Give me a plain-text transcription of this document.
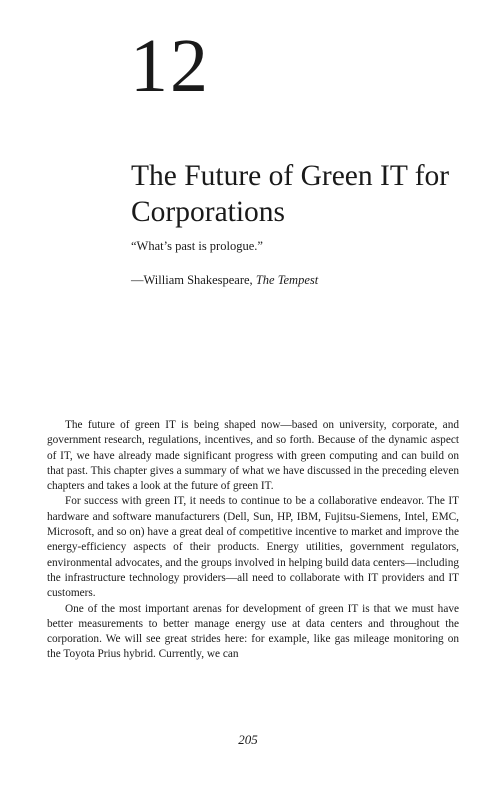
12
The Future of Green IT for Corporations

“What’s past is prologue.”

—William Shakespeare, The Tempest

The future of green IT is being shaped now—based on university, corporate, and government research, regulations, incentives, and so forth. Because of the dynamic aspect of IT, we have already made significant progress with green computing and can build on that past. This chapter gives a summary of what we have discussed in the preceding eleven chapters and takes a look at the future of green IT.

For success with green IT, it needs to continue to be a collaborative endeavor. The IT hardware and software manufacturers (Dell, Sun, HP, IBM, Fujitsu-Siemens, Intel, EMC, Microsoft, and so on) have a great deal of competitive incentive to market and improve the energy-efficiency aspects of their products. Energy utilities, government regulators, environmental advocates, and the groups involved in helping build data centers—including the infrastructure technology providers—all need to collaborate with IT providers and IT customers.

One of the most important arenas for development of green IT is that we must have better measurements to better manage energy use at data centers and throughout the corporation. We will see great strides here: for example, like gas mileage monitoring on the Toyota Prius hybrid. Currently, we can

205
